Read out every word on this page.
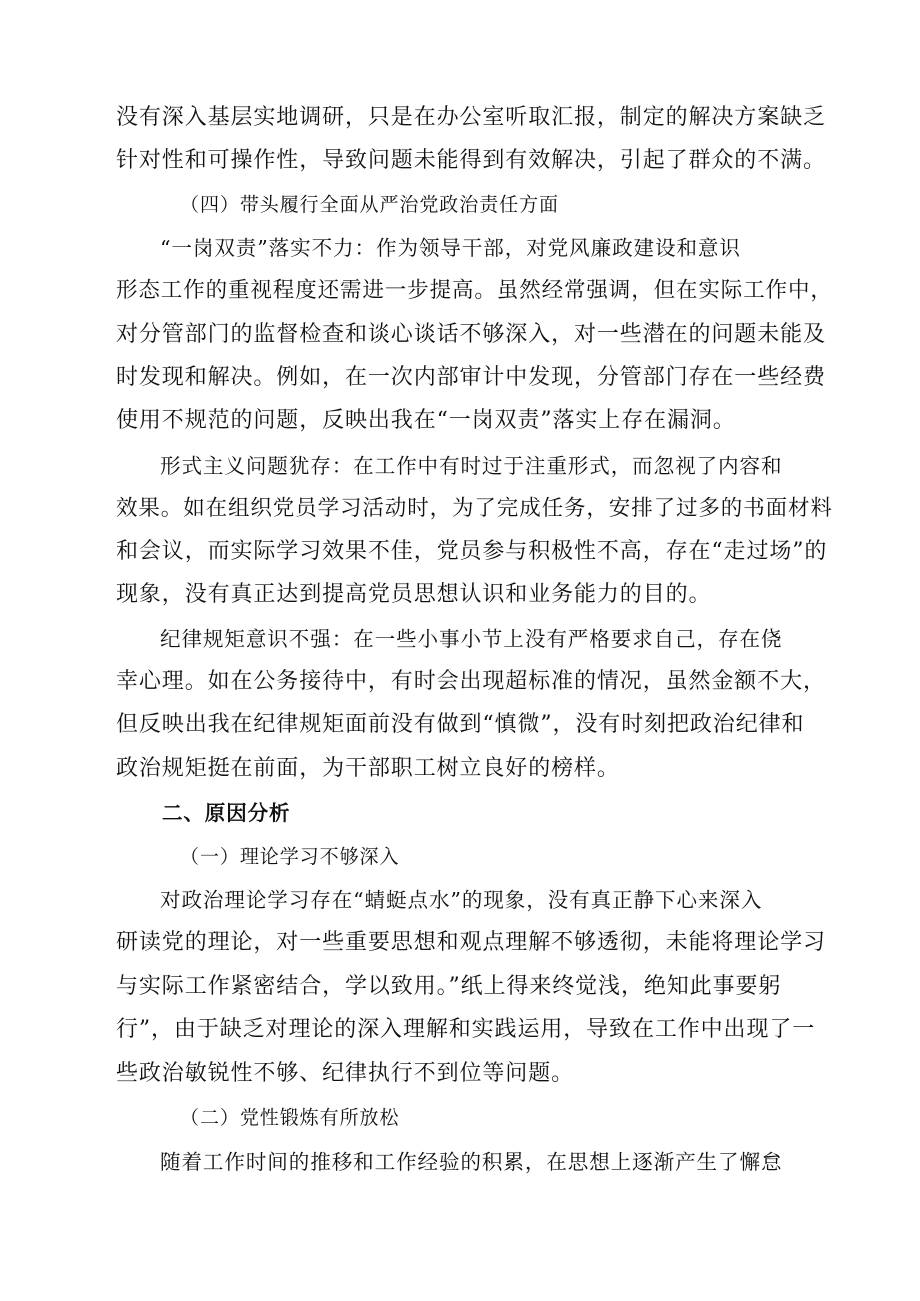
没有深入基层实地调研，只是在办公室听取汇报，制定的解决方案缺乏
针对性和可操作性，导致问题未能得到有效解决，引起了群众的不满。
（四）带头履行全面从严治党政治责任方面
“一岗双责”落实不力：作为领导干部，对党风廉政建设和意识
形态工作的重视程度还需进一步提高。虽然经常强调，但在实际工作中，
对分管部门的监督检查和谈心谈话不够深入，对一些潜在的问题未能及
时发现和解决。例如，在一次内部审计中发现，分管部门存在一些经费
使用不规范的问题，反映出我在“一岗双责”落实上存在漏洞。
形式主义问题犹存：在工作中有时过于注重形式，而忽视了内容和
效果。如在组织党员学习活动时，为了完成任务，安排了过多的书面材料
和会议，而实际学习效果不佳，党员参与积极性不高，存在“走过场”的
现象，没有真正达到提高党员思想认识和业务能力的目的。
纪律规矩意识不强：在一些小事小节上没有严格要求自己，存在侥
幸心理。如在公务接待中，有时会出现超标准的情况，虽然金额不大，
但反映出我在纪律规矩面前没有做到“慎微”，没有时刻把政治纪律和
政治规矩挺在前面，为干部职工树立良好的榜样。
二、原因分析
（一）理论学习不够深入
对政治理论学习存在“蜻蜓点水”的现象，没有真正静下心来深入
研读党的理论，对一些重要思想和观点理解不够透彻，未能将理论学习
与实际工作紧密结合，学以致用。”纸上得来终觉浅，绝知此事要躬
行”，由于缺乏对理论的深入理解和实践运用，导致在工作中出现了一
些政治敏锐性不够、纪律执行不到位等问题。
（二）党性锻炼有所放松
随着工作时间的推移和工作经验的积累，在思想上逐渐产生了懈怠
